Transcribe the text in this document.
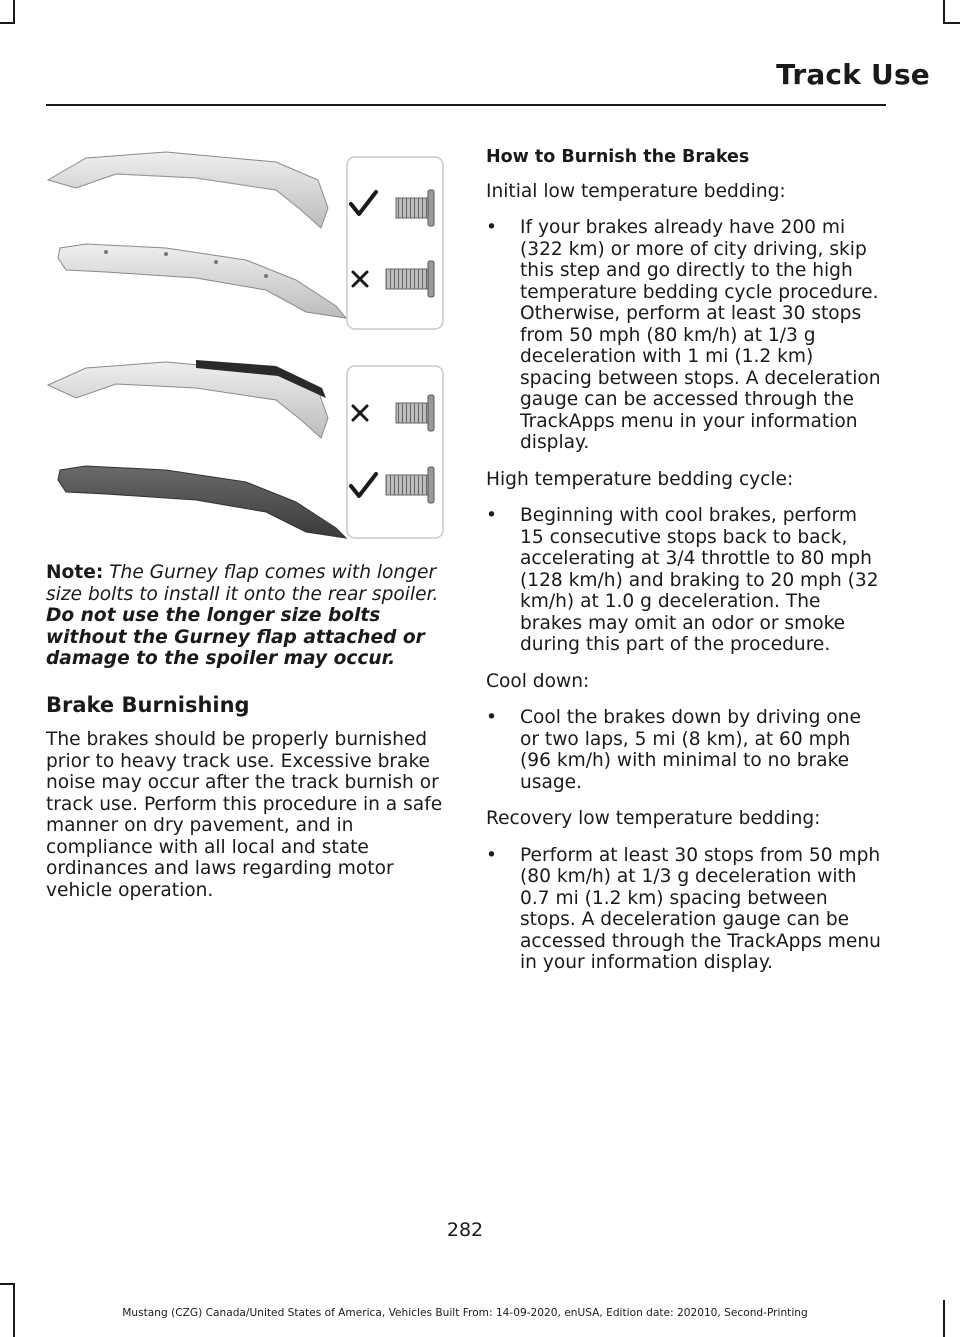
Track Use

Note: The Gurney flap comes with longer size bolts to install it onto the rear spoiler. Do not use the longer size bolts without the Gurney flap attached or damage to the spoiler may occur.

Brake Burnishing

The brakes should be properly burnished prior to heavy track use. Excessive brake noise may occur after the track burnish or track use. Perform this procedure in a safe manner on dry pavement, and in compliance with all local and state ordinances and laws regarding motor vehicle operation.

How to Burnish the Brakes

Initial low temperature bedding:

• If your brakes already have 200 mi (322 km) or more of city driving, skip this step and go directly to the high temperature bedding cycle procedure. Otherwise, perform at least 30 stops from 50 mph (80 km/h) at 1/3 g deceleration with 1 mi (1.2 km) spacing between stops. A deceleration gauge can be accessed through the TrackApps menu in your information display.

High temperature bedding cycle:

• Beginning with cool brakes, perform 15 consecutive stops back to back, accelerating at 3/4 throttle to 80 mph (128 km/h) and braking to 20 mph (32 km/h) at 1.0 g deceleration. The brakes may omit an odor or smoke during this part of the procedure.

Cool down:

• Cool the brakes down by driving one or two laps, 5 mi (8 km), at 60 mph (96 km/h) with minimal to no brake usage.

Recovery low temperature bedding:

• Perform at least 30 stops from 50 mph (80 km/h) at 1/3 g deceleration with 0.7 mi (1.2 km) spacing between stops. A deceleration gauge can be accessed through the TrackApps menu in your information display.
282
Mustang (CZG) Canada/United States of America, Vehicles Built From: 14-09-2020, enUSA, Edition date: 202010, Second-Printing
